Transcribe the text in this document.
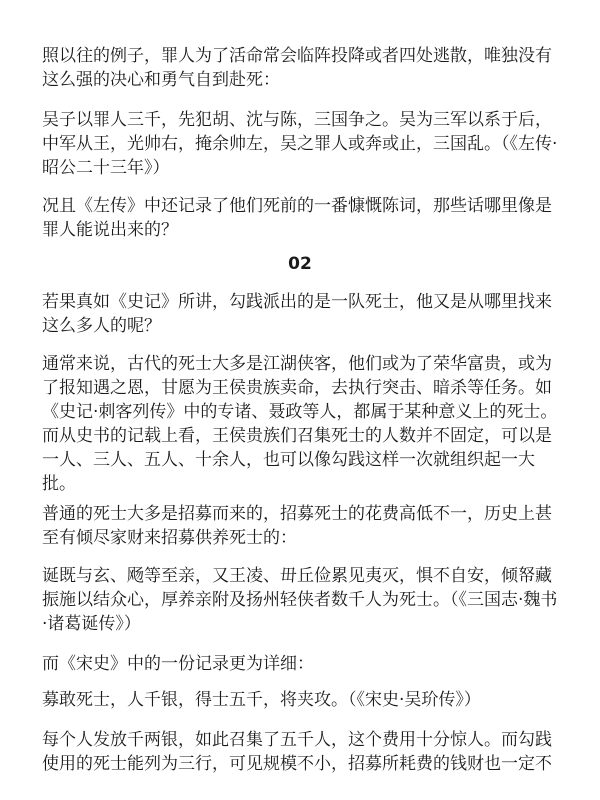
照以往的例子，罪人为了活命常会临阵投降或者四处逃散，唯独没有这么强的决心和勇气自到赴死：

吴子以罪人三千，先犯胡、沈与陈，三国争之。吴为三军以系于后，中军从王，光帅右，掩余帅左，吴之罪人或奔或止，三国乱。（《左传·昭公二十三年》）

况且《左传》中还记录了他们死前的一番慷慨陈词，那些话哪里像是罪人能说出来的？

02

若果真如《史记》所讲，勾践派出的是一队死士，他又是从哪里找来这么多人的呢？

通常来说，古代的死士大多是江湖侠客，他们或为了荣华富贵，或为了报知遇之恩，甘愿为王侯贵族卖命，去执行突击、暗杀等任务。如《史记·刺客列传》中的专诸、聂政等人，都属于某种意义上的死士。而从史书的记载上看，王侯贵族们召集死士的人数并不固定，可以是一人、三人、五人、十余人，也可以像勾践这样一次就组织起一大批。

普通的死士大多是招募而来的，招募死士的花费高低不一，历史上甚至有倾尽家财来招募供养死士的：

诞既与玄、飏等至亲，又王凌、毌丘俭累见夷灭，惧不自安，倾帑藏振施以结众心，厚养亲附及扬州轻侠者数千人为死士。（《三国志·魏书·诸葛诞传》）

而《宋史》中的一份记录更为详细：

募敢死士，人千银，得士五千，将夹攻。（《宋史·吴玠传》）

每个人发放千两银，如此召集了五千人，这个费用十分惊人。而勾践使用的死士能列为三行，可见规模不小，招募所耗费的钱财也一定不
